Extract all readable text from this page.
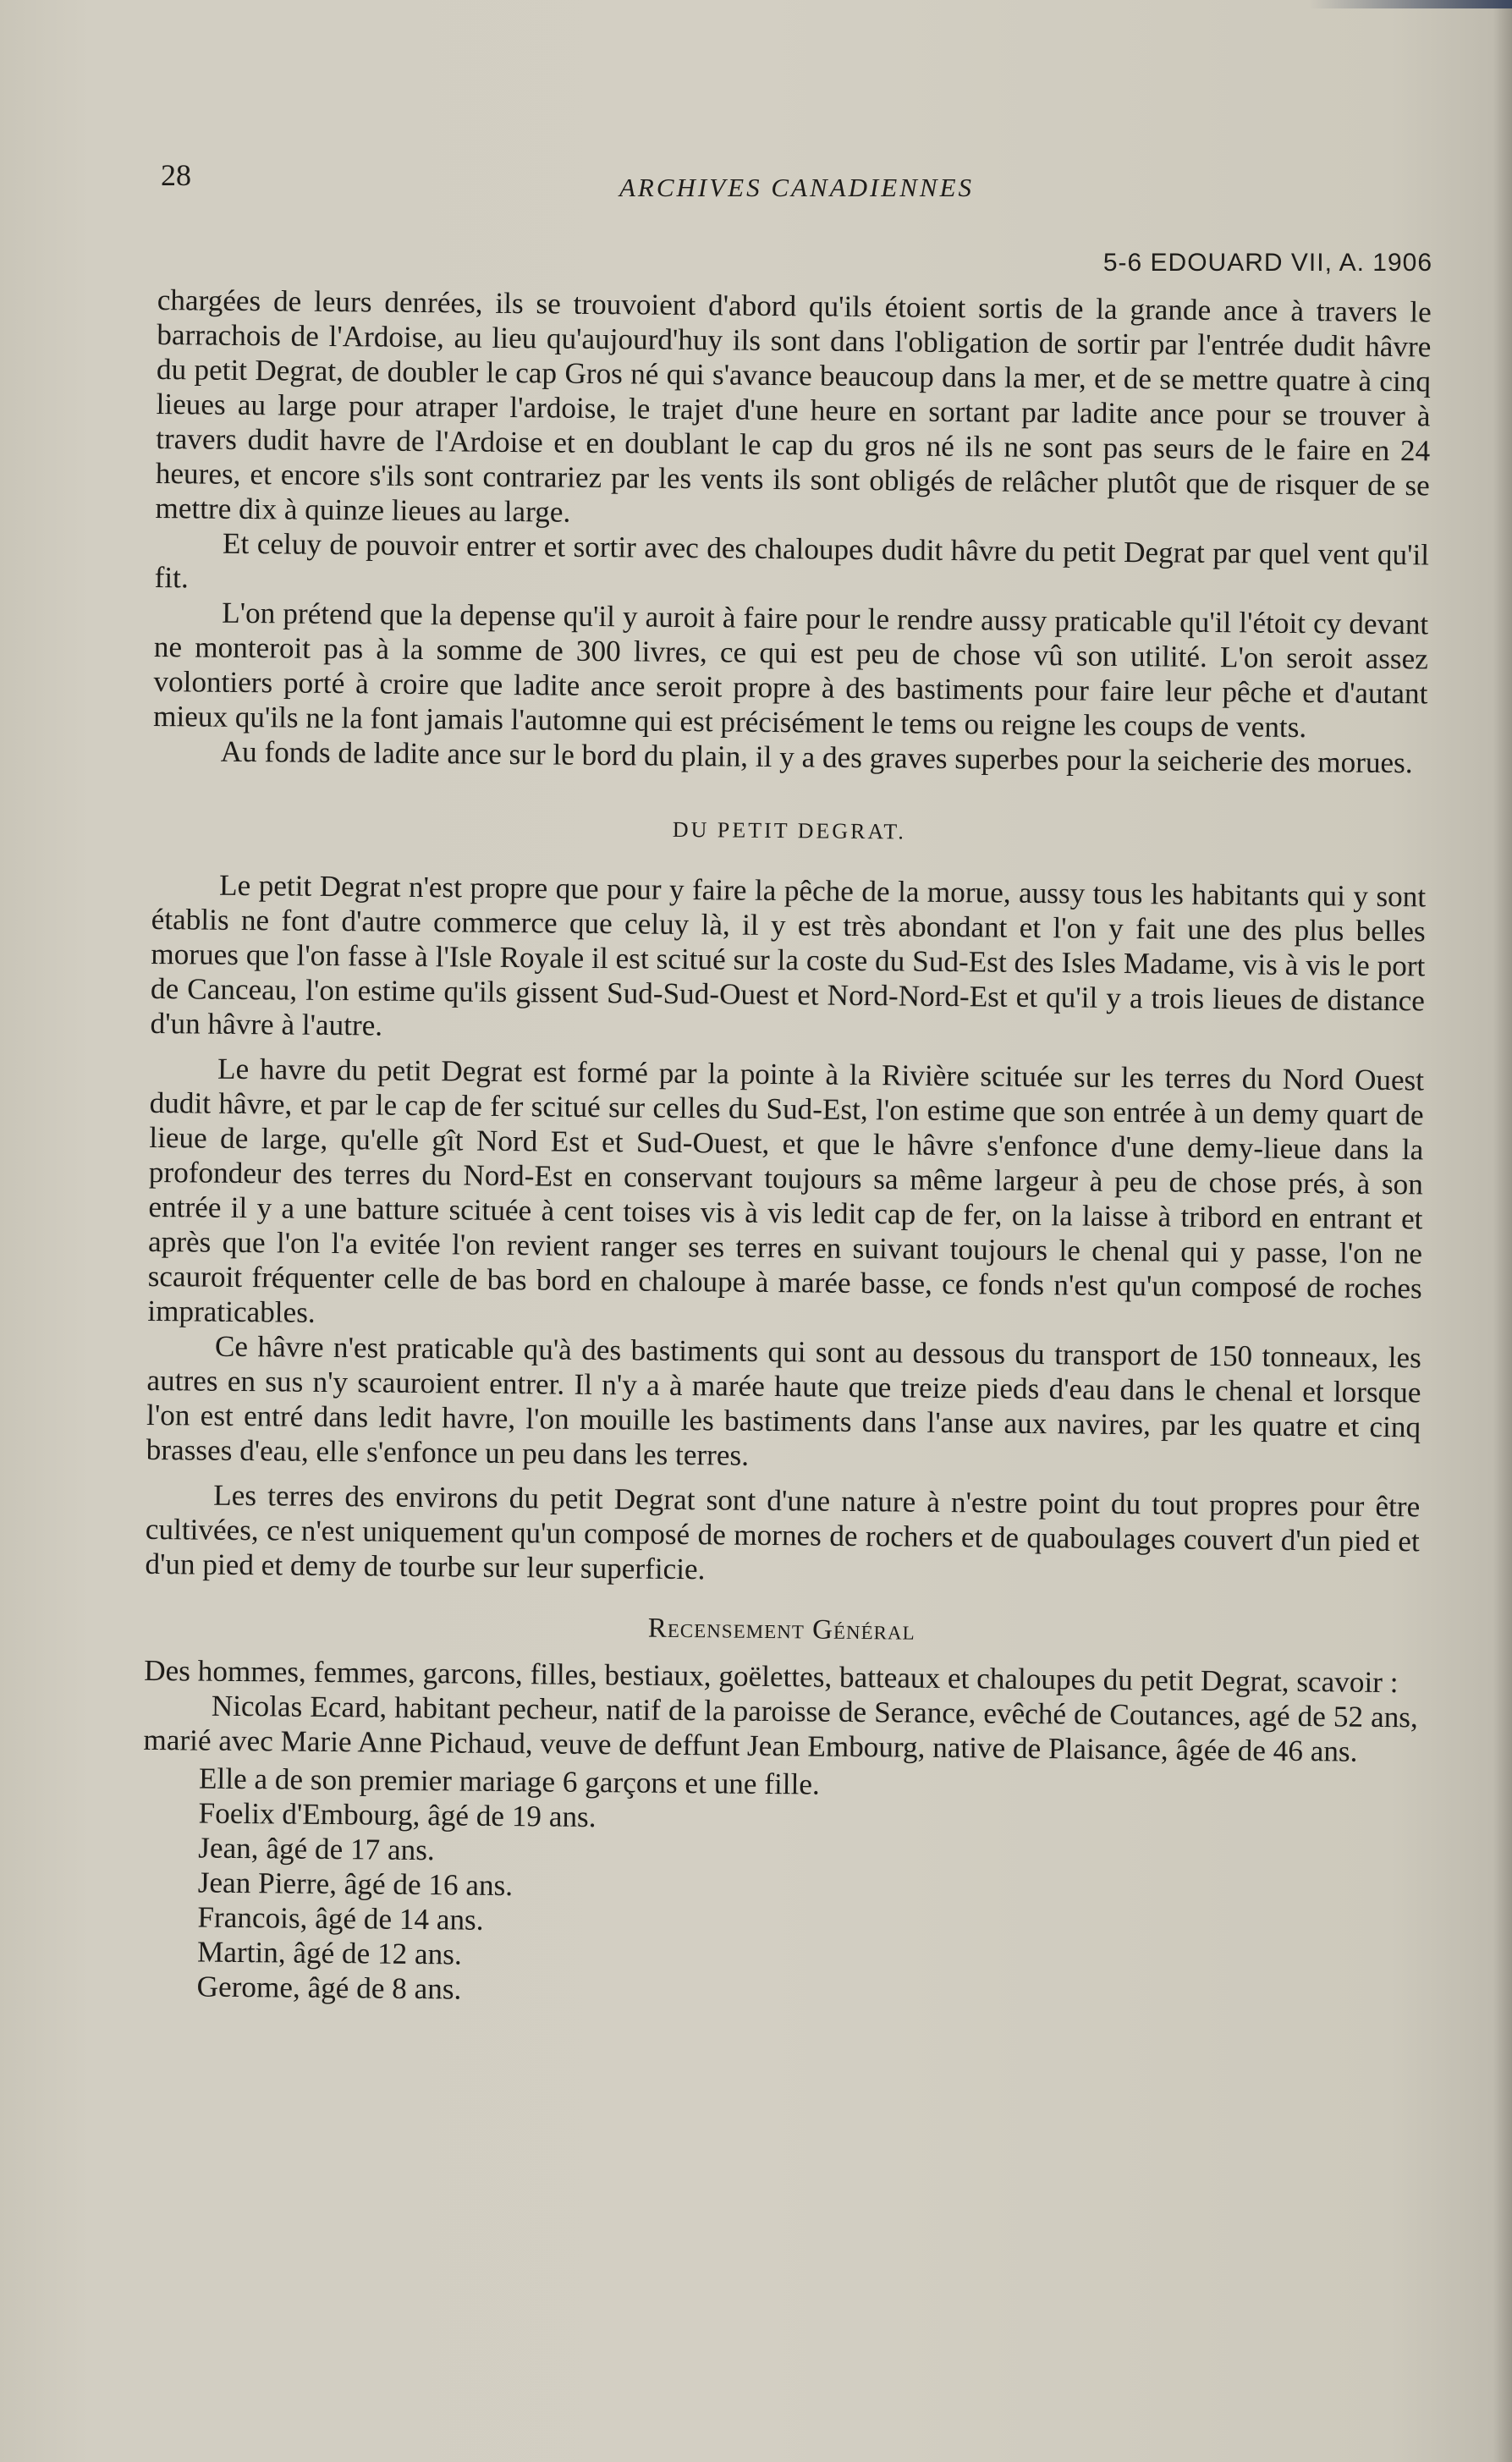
28	ARCHIVES CANADIENNES
5-6 EDOUARD VII, A. 1906

chargées de leurs denrées, ils se trouvoient d'abord qu'ils étoient sortis de la grande ance à travers le barrachois de l'Ardoise, au lieu qu'aujourd'huy ils sont dans l'obligation de sortir par l'entrée dudit hâvre du petit Degrat, de doubler le cap Gros né qui s'avance beaucoup dans la mer, et de se mettre quatre à cinq lieues au large pour atraper l'ardoise, le trajet d'une heure en sortant par ladite ance pour se trouver à travers dudit havre de l'Ardoise et en doublant le cap du gros né ils ne sont pas seurs de le faire en 24 heures, et encore s'ils sont contrariez par les vents ils sont obligés de relâcher plutôt que de risquer de se mettre dix à quinze lieues au large.

Et celuy de pouvoir entrer et sortir avec des chaloupes dudit hâvre du petit Degrat par quel vent qu'il fit.

L'on prétend que la depense qu'il y auroit à faire pour le rendre aussy praticable qu'il l'étoit cy devant ne monteroit pas à la somme de 300 livres, ce qui est peu de chose vû son utilité. L'on seroit assez volontiers porté à croire que ladite ance seroit propre à des bastiments pour faire leur pêche et d'autant mieux qu'ils ne la font jamais l'automne qui est précisément le tems ou reigne les coups de vents.

Au fonds de ladite ance sur le bord du plain, il y a des graves superbes pour la seicherie des morues.

DU PETIT DEGRAT.

Le petit Degrat n'est propre que pour y faire la pêche de la morue, aussy tous les habitants qui y sont établis ne font d'autre commerce que celuy là, il y est très abondant et l'on y fait une des plus belles morues que l'on fasse à l'Isle Royale il est scitué sur la coste du Sud-Est des Isles Madame, vis à vis le port de Canceau, l'on estime qu'ils gissent Sud-Sud-Ouest et Nord-Nord-Est et qu'il y a trois lieues de distance d'un hâvre à l'autre.

Le havre du petit Degrat est formé par la pointe à la Rivière scituée sur les terres du Nord Ouest dudit hâvre, et par le cap de fer scitué sur celles du Sud-Est, l'on estime que son entrée à un demy quart de lieue de large, qu'elle gît Nord Est et Sud-Ouest, et que le hâvre s'enfonce d'une demy-lieue dans la profondeur des terres du Nord-Est en conservant toujours sa même largeur à peu de chose prés, à son entrée il y a une batture scituée à cent toises vis à vis ledit cap de fer, on la laisse à tribord en entrant et après que l'on l'a evitée l'on revient ranger ses terres en suivant toujours le chenal qui y passe, l'on ne scauroit fréquenter celle de bas bord en chaloupe à marée basse, ce fonds n'est qu'un composé de roches impraticables.

Ce hâvre n'est praticable qu'à des bastiments qui sont au dessous du transport de 150 tonneaux, les autres en sus n'y scauroient entrer. Il n'y a à marée haute que treize pieds d'eau dans le chenal et lorsque l'on est entré dans ledit havre, l'on mouille les bastiments dans l'anse aux navires, par les quatre et cinq brasses d'eau, elle s'enfonce un peu dans les terres.

Les terres des environs du petit Degrat sont d'une nature à n'estre point du tout propres pour être cultivées, ce n'est uniquement qu'un composé de mornes de rochers et de quaboulages couvert d'un pied et d'un pied et demy de tourbe sur leur superficie.

Recensement Général

Des hommes, femmes, garcons, filles, bestiaux, goëlettes, batteaux et chaloupes du petit Degrat, scavoir :

Nicolas Ecard, habitant pecheur, natif de la paroisse de Serance, evêché de Coutances, agé de 52 ans, marié avec Marie Anne Pichaud, veuve de deffunt Jean Embourg, native de Plaisance, âgée de 46 ans.

Elle a de son premier mariage 6 garçons et une fille.
Foelix d'Embourg, âgé de 19 ans.
Jean, âgé de 17 ans.
Jean Pierre, âgé de 16 ans.
Francois, âgé de 14 ans.
Martin, âgé de 12 ans.
Gerome, âgé de 8 ans.
